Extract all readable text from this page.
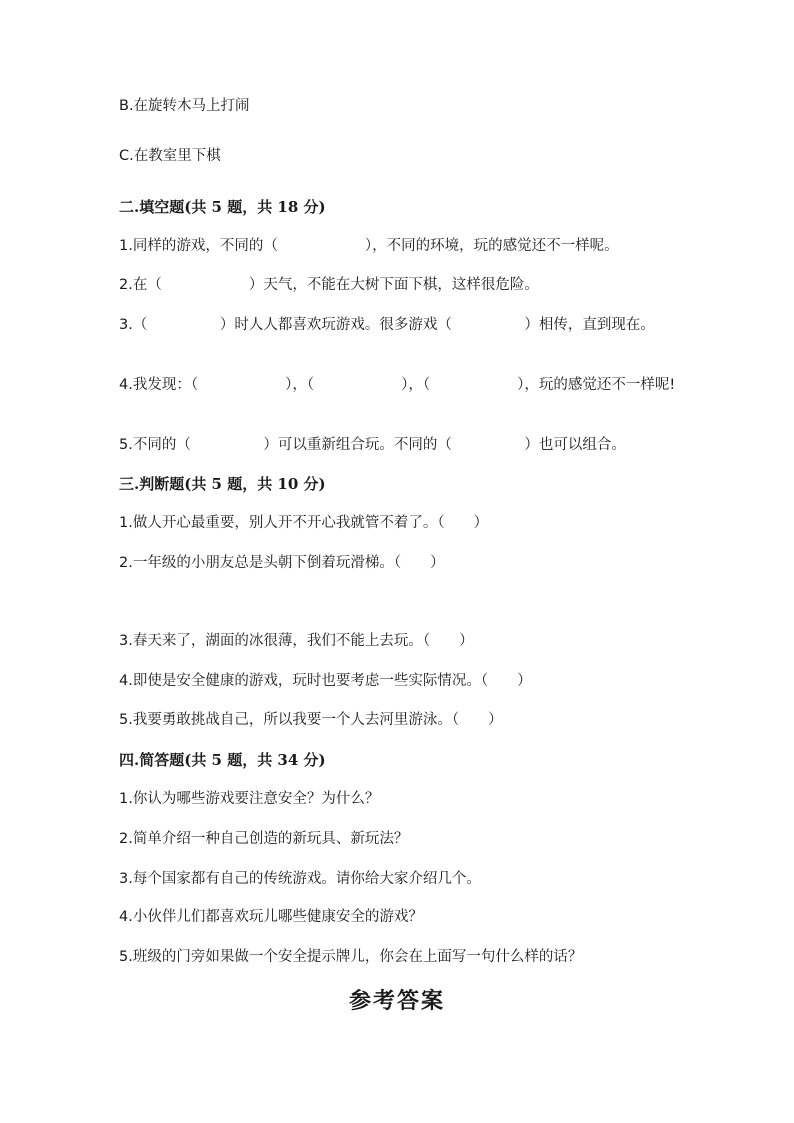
B.在旋转木马上打闹
C.在教室里下棋
二.填空题(共 5 题，共 18 分)
1.同样的游戏，不同的（　　　　　　），不同的环境，玩的感觉还不一样呢。
2.在（　　　　　　）天气，不能在大树下面下棋，这样很危险。
3.（　　　　　）时人人都喜欢玩游戏。很多游戏（　　　　　）相传，直到现在。
4.我发现：（　　　　　　），（　　　　　　），（　　　　　　），玩的感觉还不一样呢!
5.不同的（　　　　　）可以重新组合玩。不同的（　　　　　）也可以组合。
三.判断题(共 5 题，共 10 分)
1.做人开心最重要，别人开不开心我就管不着了。（　　）
2.一年级的小朋友总是头朝下倒着玩滑梯。（　　）
3.春天来了，湖面的冰很薄，我们不能上去玩。（　　）
4.即使是安全健康的游戏，玩时也要考虑一些实际情况。（　　）
5.我要勇敢挑战自己，所以我要一个人去河里游泳。（　　）
四.简答题(共 5 题，共 34 分)
1.你认为哪些游戏要注意安全？为什么？
2.简单介绍一种自己创造的新玩具、新玩法？
3.每个国家都有自己的传统游戏。请你给大家介绍几个。
4.小伙伴儿们都喜欢玩儿哪些健康安全的游戏？
5.班级的门旁如果做一个安全提示牌儿，你会在上面写一句什么样的话？
参考答案
